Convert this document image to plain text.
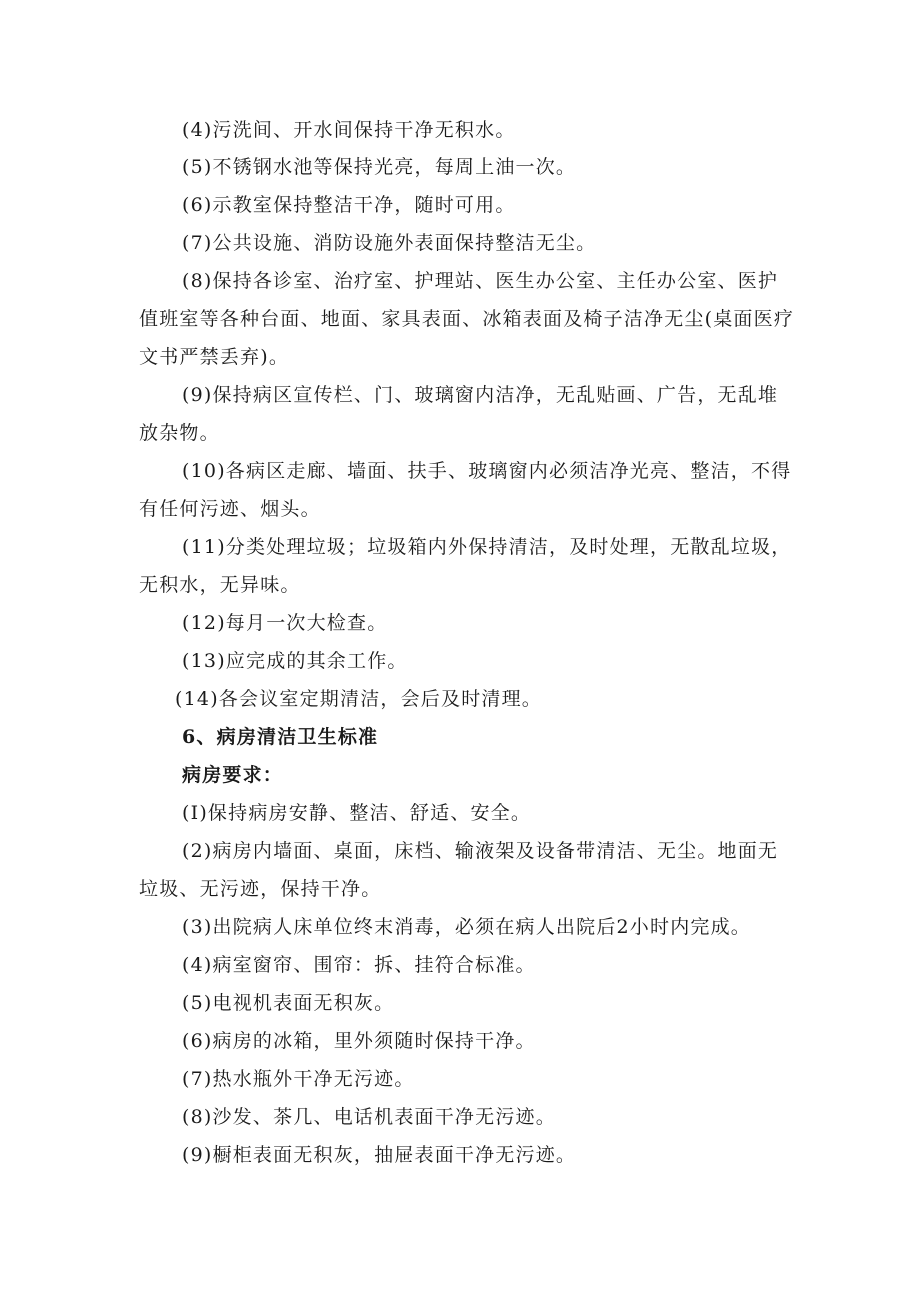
(4)污洗间、开水间保持干净无积水。
(5)不锈钢水池等保持光亮，每周上油一次。
(6)示教室保持整洁干净，随时可用。
(7)公共设施、消防设施外表面保持整洁无尘。
(8)保持各诊室、治疗室、护理站、医生办公室、主任办公室、医护
值班室等各种台面、地面、家具表面、冰箱表面及椅子洁净无尘(桌面医疗
文书严禁丢弃)。
(9)保持病区宣传栏、门、玻璃窗内洁净，无乱贴画、广告，无乱堆
放杂物。
(10)各病区走廊、墙面、扶手、玻璃窗内必须洁净光亮、整洁，不得
有任何污迹、烟头。
(11)分类处理垃圾；垃圾箱内外保持清洁，及时处理，无散乱垃圾，
无积水，无异味。
(12)每月一次大检查。
(13)应完成的其余工作。
(14)各会议室定期清洁，会后及时清理。
6、病房清洁卫生标准
病房要求：
(I)保持病房安静、整洁、舒适、安全。
(2)病房内墙面、桌面，床档、输液架及设备带清洁、无尘。地面无
垃圾、无污迹，保持干净。
(3)出院病人床单位终末消毒，必须在病人出院后2小时内完成。
(4)病室窗帘、围帘：拆、挂符合标准。
(5)电视机表面无积灰。
(6)病房的冰箱，里外须随时保持干净。
(7)热水瓶外干净无污迹。
(8)沙发、茶几、电话机表面干净无污迹。
(9)橱柜表面无积灰，抽屉表面干净无污迹。
